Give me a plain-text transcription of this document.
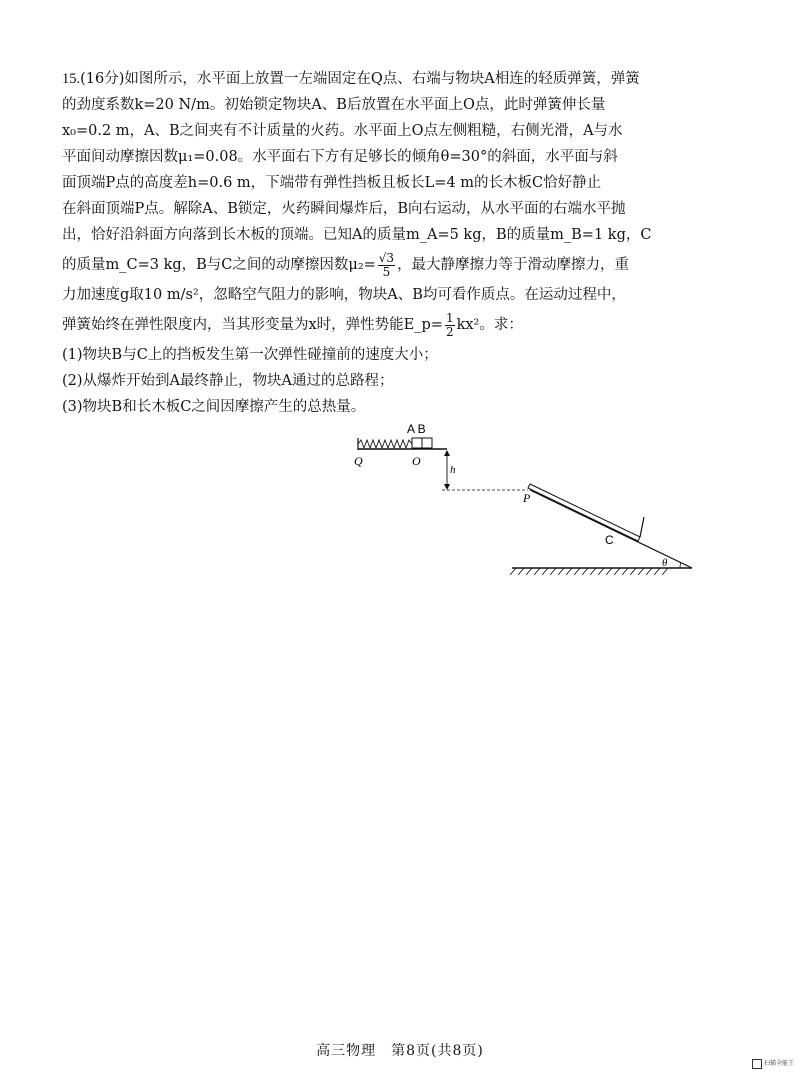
15.(16分)如图所示，水平面上放置一左端固定在Q点、右端与物块A相连的轻质弹簧，弹簧

的劲度系数k=20 N/m。初始锁定物块A、B后放置在水平面上O点，此时弹簧伸长量

x₀=0.2 m，A、B之间夹有不计质量的火药。水平面上O点左侧粗糙，右侧光滑，A与水

平面间动摩擦因数μ₁=0.08。水平面右下方有足够长的倾角θ=30°的斜面，水平面与斜

面顶端P点的高度差h=0.6 m，下端带有弹性挡板且板长L=4 m的长木板C恰好静止

在斜面顶端P点。解除A、B锁定，火药瞬间爆炸后，B向右运动，从水平面的右端水平抛

出，恰好沿斜面方向落到长木板的顶端。已知A的质量m_A=5 kg，B的质量m_B=1 kg，C

的质量m_C=3 kg，B与C之间的动摩擦因数$\mu_2= \frac{√3}{5}$ ，最大静摩擦力等于滑动摩擦力，重

力加速度g取10 m/s²，忽略空气阻力的影响，物块A、B均可看作质点。在运动过程中，

弹簧始终在弹性限度内，当其形变量为x时，弹性势能E_p= $\frac{1}{2} kx^2$。求：

(1)物块B与C上的挡板发生第一次弹性碰撞前的速度大小；

(2)从爆炸开始到A最终静止，物块A通过的总路程；

(3)物块B和长木板C之间因摩擦产生的总热量。

A B
Q	O
h
P
C
θ
高三物理　第8页(共8页)
扫描全能王
